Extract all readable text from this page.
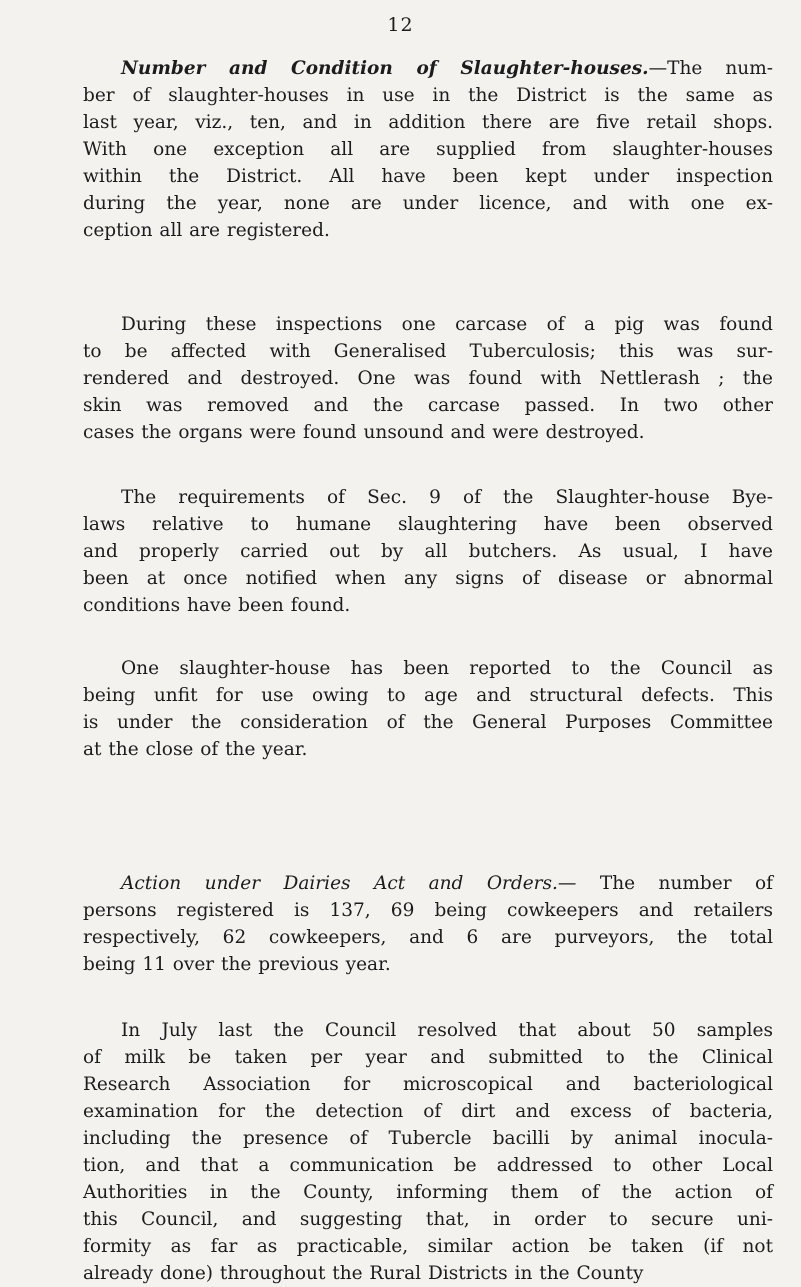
12
Number and Condition of Slaughter-houses.—The num-
ber of slaughter-houses in use in the District is the same as
last year, viz., ten, and in addition there are five retail shops.
With one exception all are supplied from slaughter-houses
within the District. All have been kept under inspection
during the year, none are under licence, and with one ex-
ception all are registered.
During these inspections one carcase of a pig was found
to be affected with Generalised Tuberculosis; this was sur-
rendered and destroyed. One was found with Nettlerash ; the
skin was removed and the carcase passed. In two other
cases the organs were found unsound and were destroyed.
The requirements of Sec. 9 of the Slaughter-house Bye-
laws relative to humane slaughtering have been observed
and properly carried out by all butchers. As usual, I have
been at once notified when any signs of disease or abnormal
conditions have been found.
One slaughter-house has been reported to the Council as
being unfit for use owing to age and structural defects. This
is under the consideration of the General Purposes Committee
at the close of the year.
Action under Dairies Act and Orders.— The number of
persons registered is 137, 69 being cowkeepers and retailers
respectively, 62 cowkeepers, and 6 are purveyors, the total
being 11 over the previous year.
In July last the Council resolved that about 50 samples
of milk be taken per year and submitted to the Clinical
Research Association for microscopical and bacteriological
examination for the detection of dirt and excess of bacteria,
including the presence of Tubercle bacilli by animal inocula-
tion, and that a communication be addressed to other Local
Authorities in the County, informing them of the action of
this Council, and suggesting that, in order to secure uni-
formity as far as practicable, similar action be taken (if not
already done) throughout the Rural Districts in the County
